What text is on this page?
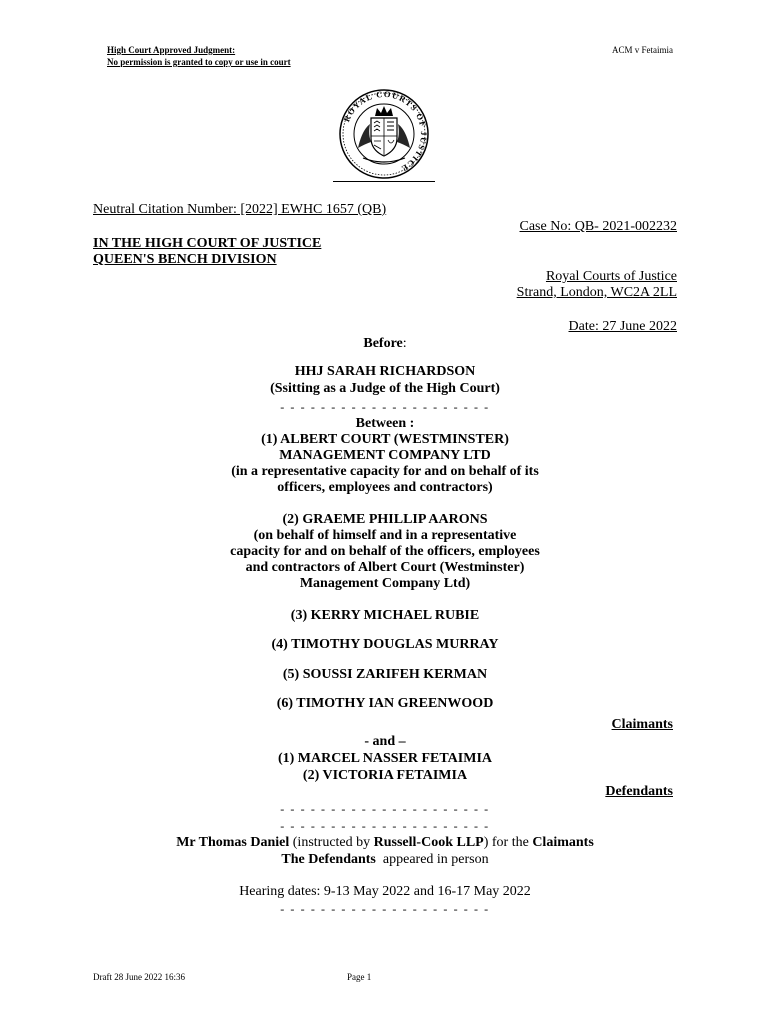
High Court Approved Judgment:
No permission is granted to copy or use in court
ACM v Fetaimia
ROYAL COURTS OF JUSTICE
Neutral Citation Number: [2022] EWHC 1657 (QB)
Case No: QB- 2021-002232
IN THE HIGH COURT OF JUSTICE
QUEEN'S BENCH DIVISION
Royal Courts of Justice
Strand, London, WC2A 2LL
Date: 27 June 2022
Before:
HHJ SARAH RICHARDSON
(Ssitting as a Judge of the High Court)
- - - - - - - - - - - - - - - - - - - - -
Between :
(1) ALBERT COURT (WESTMINSTER)
MANAGEMENT COMPANY LTD
(in a representative capacity for and on behalf of its
officers, employees and contractors)
(2) GRAEME PHILLIP AARONS
(on behalf of himself and in a representative
capacity for and on behalf of the officers, employees
and contractors of Albert Court (Westminster)
Management Company Ltd)
(3) KERRY MICHAEL RUBIE
(4) TIMOTHY DOUGLAS MURRAY
(5) SOUSSI ZARIFEH KERMAN
(6) TIMOTHY IAN GREENWOOD
Claimants
- and –
(1) MARCEL NASSER FETAIMIA
(2) VICTORIA FETAIMIA
Defendants
- - - - - - - - - - - - - - - - - - - - -
- - - - - - - - - - - - - - - - - - - - -
Mr Thomas Daniel (instructed by Russell-Cook LLP) for the Claimants
The Defendants  appeared in person
Hearing dates: 9-13 May 2022 and 16-17 May 2022
- - - - - - - - - - - - - - - - - - - - -
Draft 28 June 2022 16:36	Page 1
